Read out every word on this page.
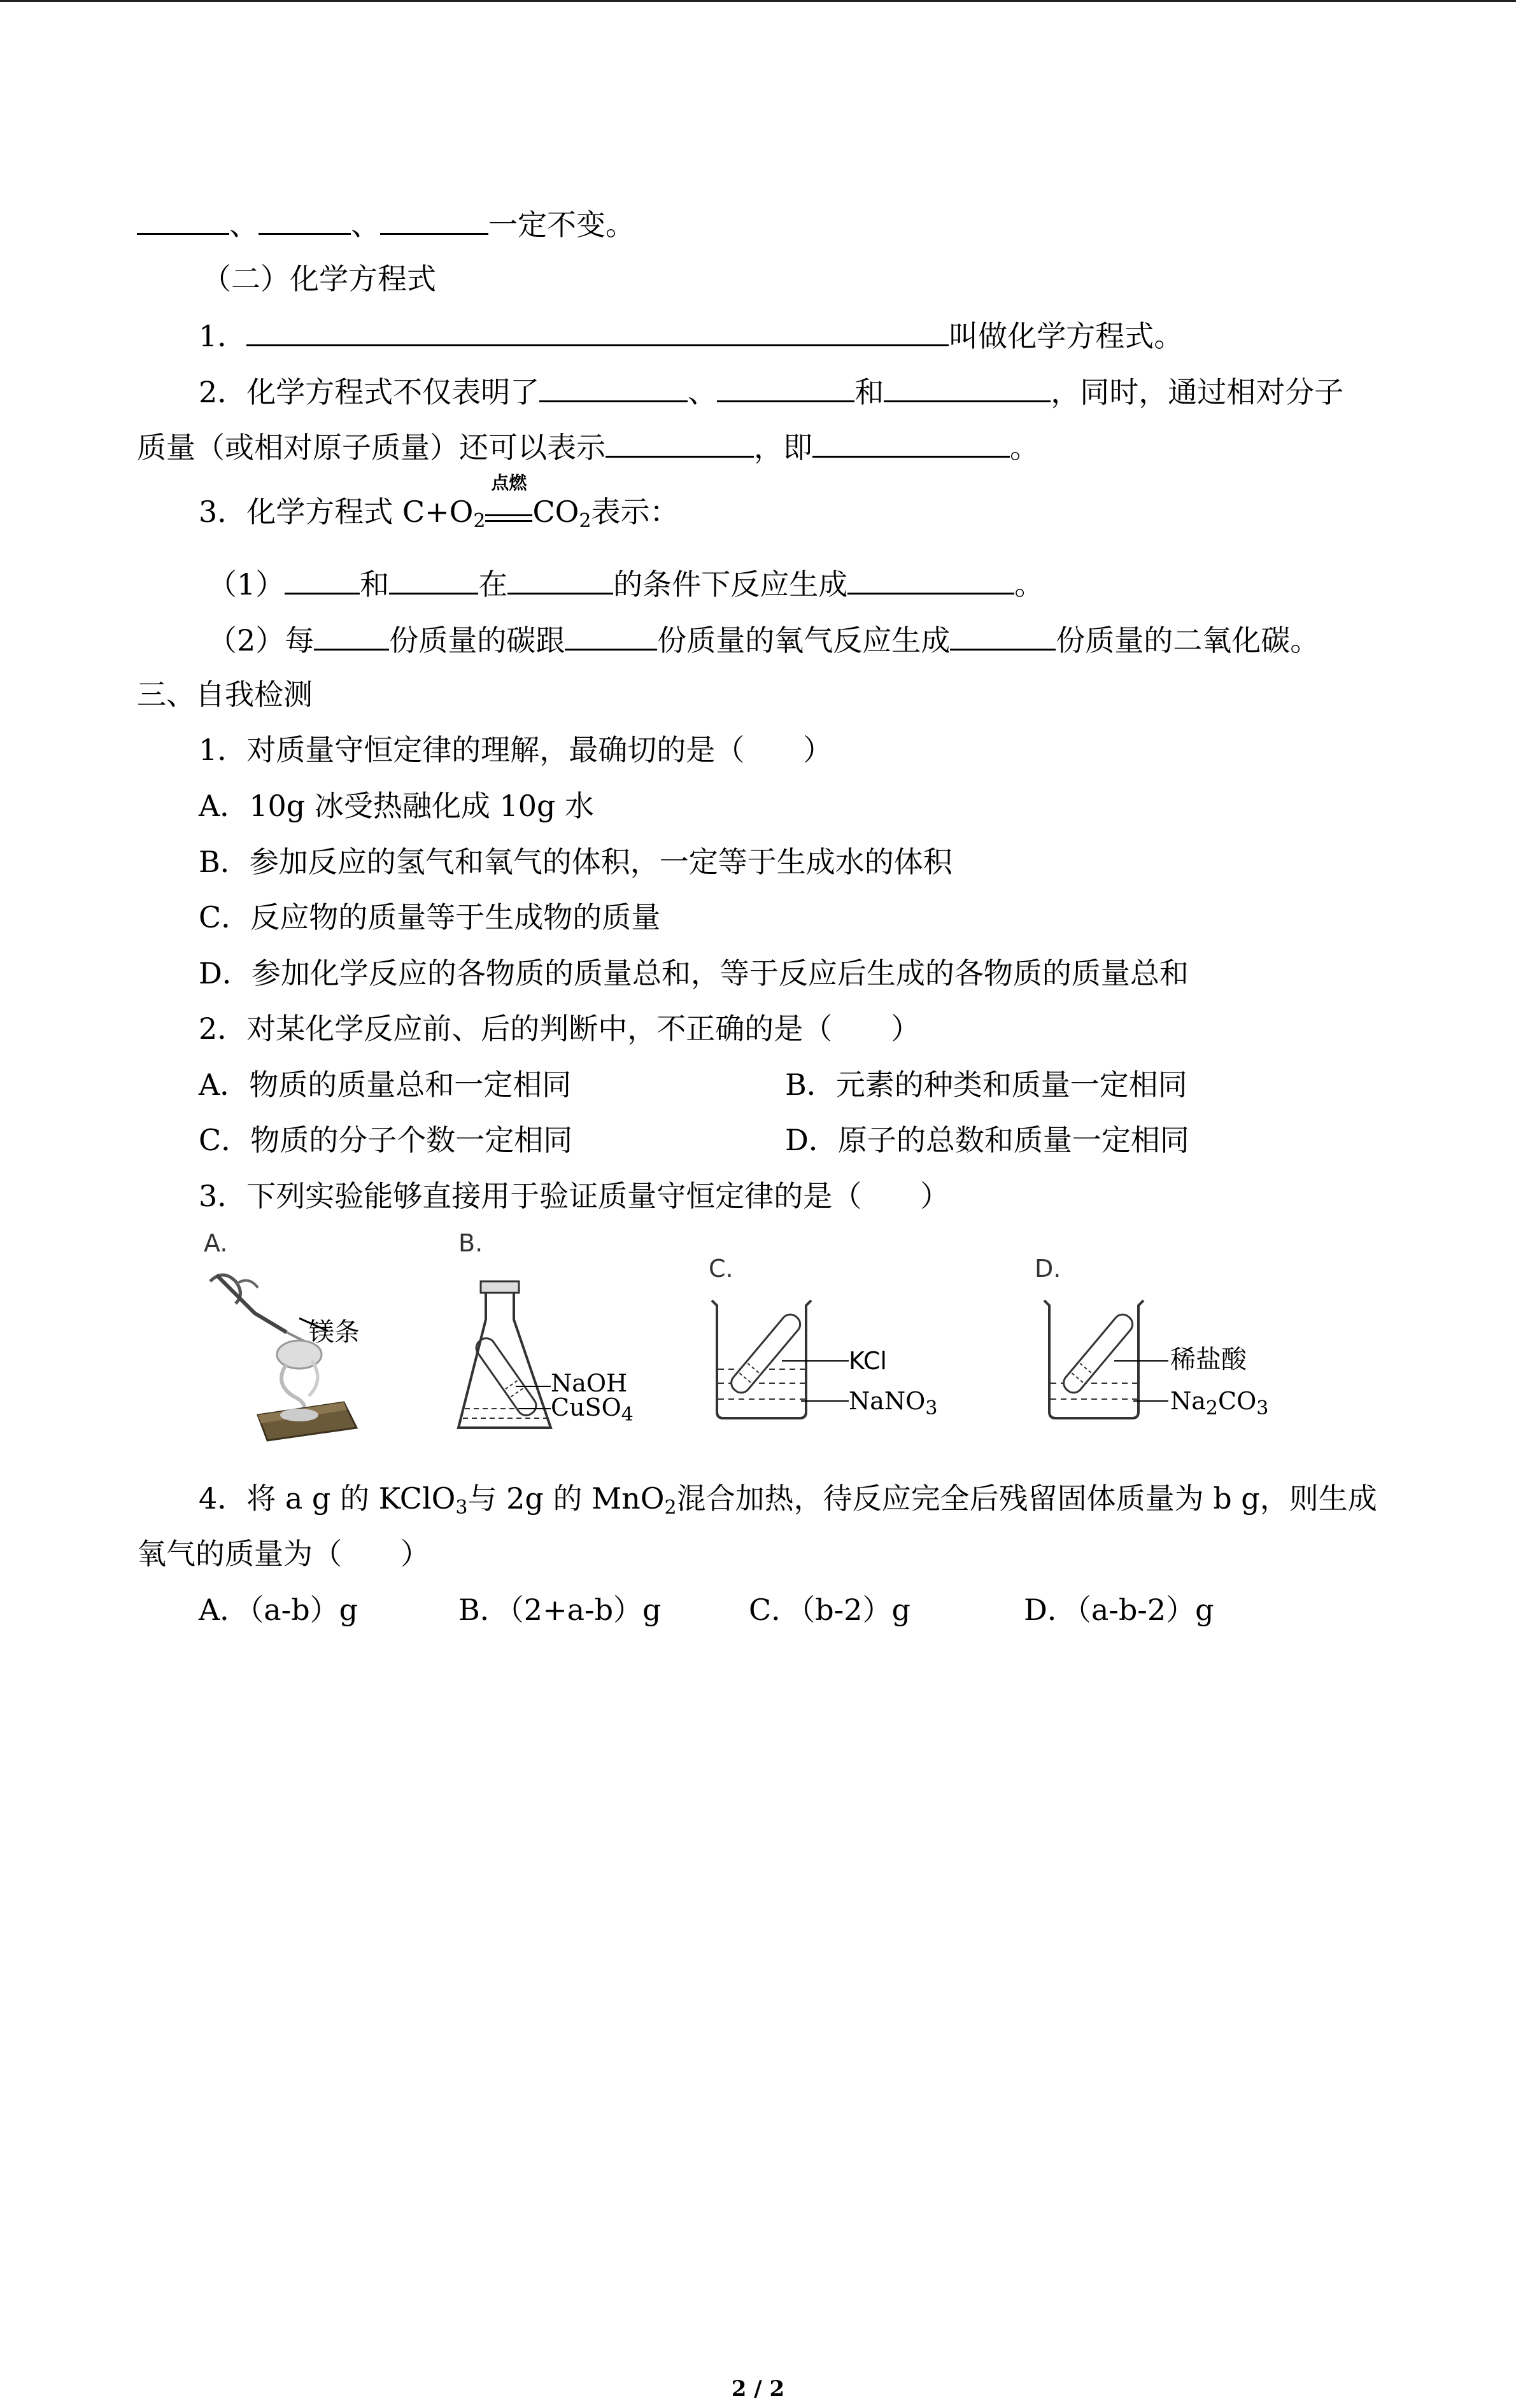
、	、	一定不变。
（二）化学方程式
1．	叫做化学方程式。
2．化学方程式不仅表明了	、	和	，同时，通过相对分子
质量（或相对原子质量）还可以表示	，即	。
3．化学方程式 $C+O_2$
点燃
$CO_2$表示：
（1）	和	在	的条件下反应生成	。
（2）每	份质量的碳跟	份质量的氧气反应生成	份质量的二氧化碳。
三、自我检测
1．对质量守恒定律的理解，最确切的是（　　）
A．10g 冰受热融化成 10g 水
B．参加反应的氢气和氧气的体积，一定等于生成水的体积
C．反应物的质量等于生成物的质量
D．参加化学反应的各物质的质量总和，等于反应后生成的各物质的质量总和
2．对某化学反应前、后的判断中，不正确的是（　　）
A．物质的质量总和一定相同	B．元素的种类和质量一定相同
C．物质的分子个数一定相同	D．原子的总数和质量一定相同
3．下列实验能够直接用于验证质量守恒定律的是（　　）
A.
镁条
B.
NaOH
CuSO$_4$
C.
KCl
NaNO$_3$
D.
稀盐酸
$Na_2CO_3$
4．将 a g 的 KClO$_3$与 2g 的 MnO$_2$混合加热，待反应完全后残留固体质量为 b g，则生成
氧气的质量为（　　）
A．（a-b）g	B．（2+a-b）g	C．（b-2）g	D．（a-b-2）g
2 / 2
